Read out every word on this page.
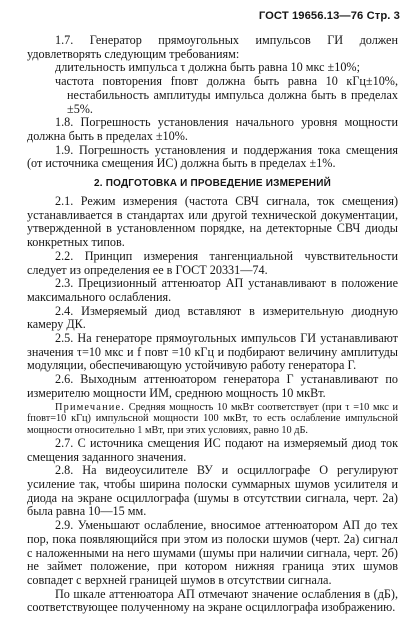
ГОСТ 19656.13—76 Стр. 3

1.7. Генератор прямоугольных импульсов ГИ должен удовлетворять следующим требованиям:

длительность импульса τ должна быть равна 10 мкс ±10%;

частота повторения fповт должна быть равна 10 кГц±10%, нестабильность амплитуды импульса должна быть в пределах ±5%.

1.8. Погрешность установления начального уровня мощности должна быть в пределах ±10%.

1.9. Погрешность установления и поддержания тока смещения (от источника смещения ИС) должна быть в пределах ±1%.

2. ПОДГОТОВКА И ПРОВЕДЕНИЕ ИЗМЕРЕНИЙ

2.1. Режим измерения (частота СВЧ сигнала, ток смещения) устанавливается в стандартах или другой технической документации, утвержденной в установленном порядке, на детекторные СВЧ диоды конкретных типов.

2.2. Принцип измерения тангенциальной чувствительности следует из определения ее в ГОСТ 20331—74.

2.3. Прецизионный аттенюатор АП устанавливают в положение максимального ослабления.

2.4. Измеряемый диод вставляют в измерительную диодную камеру ДК.

2.5. На генераторе прямоугольных импульсов ГИ устанавливают значения τ=10 мкс и f повт =10 кГц и подбирают величину амплитуды модуляции, обеспечивающую устойчивую работу генератора Г.

2.6. Выходным аттенюатором генератора Г устанавливают по измерителю мощности ИМ, среднюю мощность 10 мкВт.

Примечание. Средняя мощность 10 мкВт соответствует (при τ =10 мкс и fповт=10 кГц) импульсной мощности 100 мкВт, то есть ослабление импульсной мощности относительно 1 мВт, при этих условиях, равно 10 дБ.

2.7. С источника смещения ИС подают на измеряемый диод ток смещения заданного значения.

2.8. На видеоусилителе ВУ и осциллографе О регулируют усиление так, чтобы ширина полоски суммарных шумов усилителя и диода на экране осциллографа (шумы в отсутствии сигнала, черт. 2а) была равна 10—15 мм.

2.9. Уменьшают ослабление, вносимое аттенюатором АП до тех пор, пока появляющийся при этом из полоски шумов (черт. 2а) сигнал с наложенными на него шумами (шумы при наличии сигнала, черт. 2б) не займет положение, при котором нижняя граница этих шумов совпадет с верхней границей шумов в отсутствии сигнала.

По шкале аттенюатора АП отмечают значение ослабления в (дБ), соответствующее полученному на экране осциллографа изображению.
